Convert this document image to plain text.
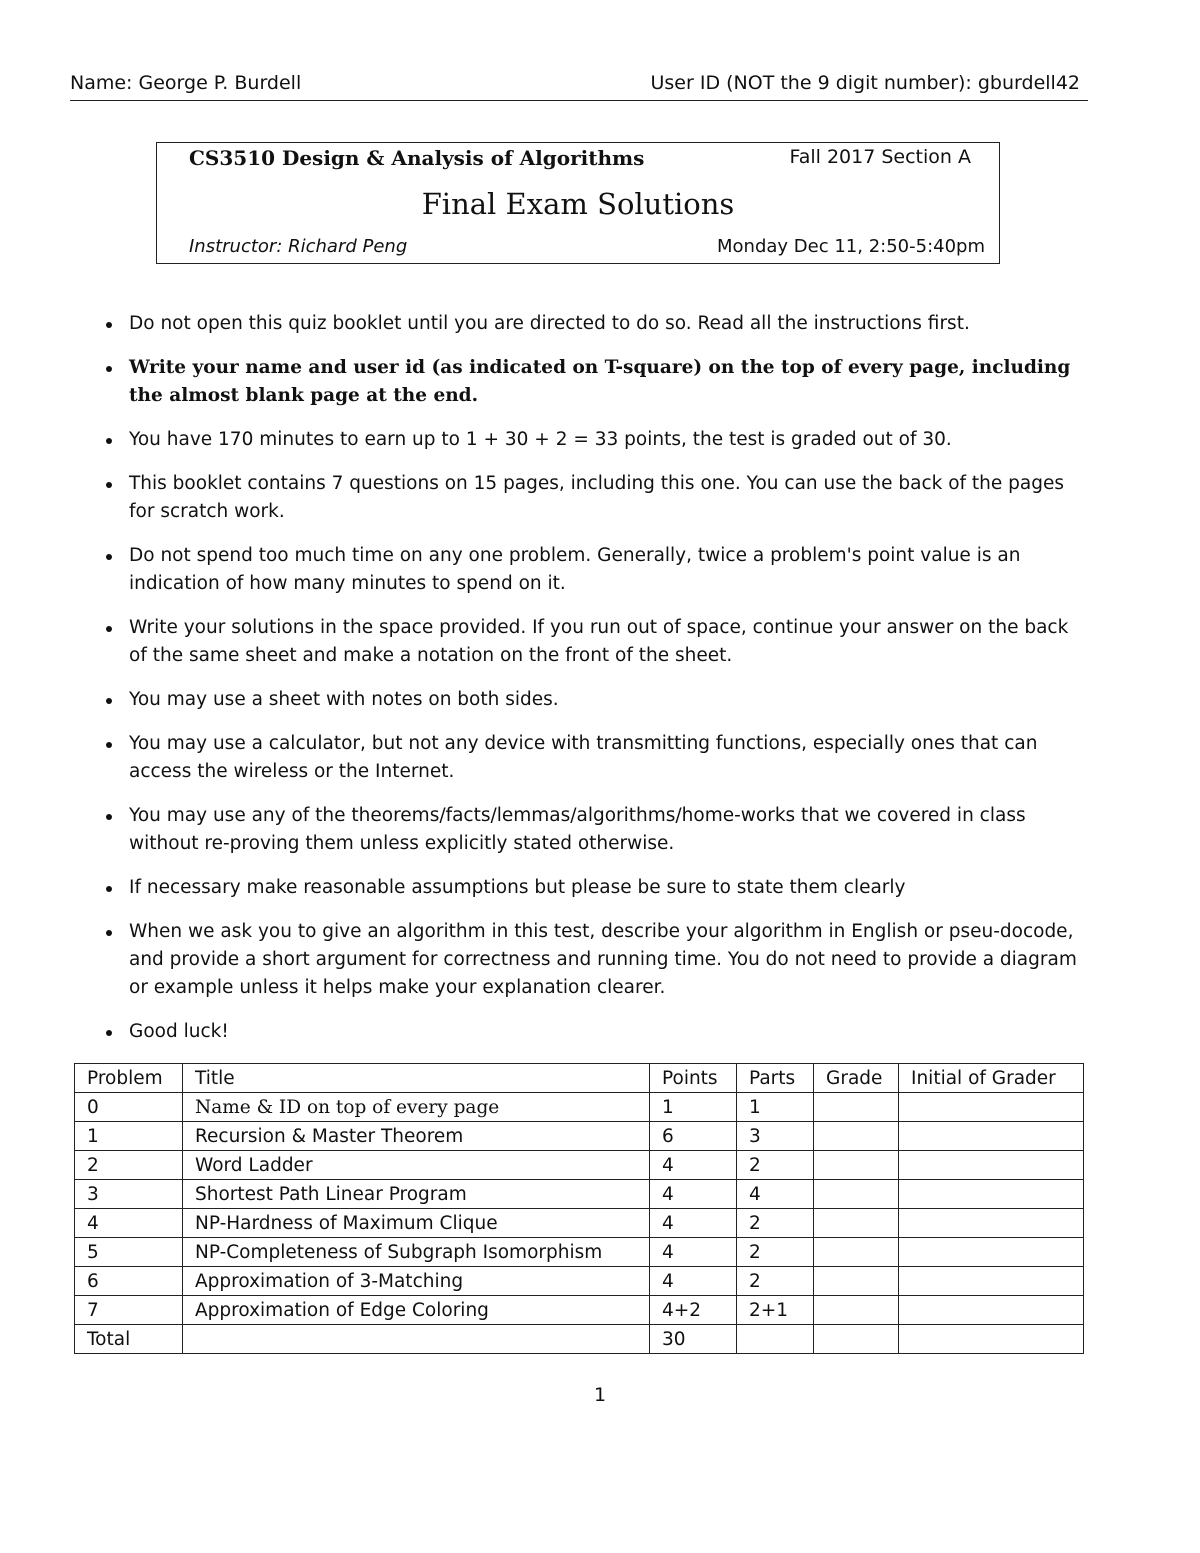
Name: George P. Burdell	User ID (NOT the 9 digit number): gburdell42
CS3510 Design & Analysis of Algorithms	Fall 2017 Section A
Final Exam Solutions
Instructor: Richard Peng	Monday Dec 11, 2:50-5:40pm
Do not open this quiz booklet until you are directed to do so. Read all the instructions first.
Write your name and user id (as indicated on T-square) on the top of every page, including the almost blank page at the end.
You have 170 minutes to earn up to 1 + 30 + 2 = 33 points, the test is graded out of 30.
This booklet contains 7 questions on 15 pages, including this one. You can use the back of the pages for scratch work.
Do not spend too much time on any one problem. Generally, twice a problem's point value is an indication of how many minutes to spend on it.
Write your solutions in the space provided. If you run out of space, continue your answer on the back of the same sheet and make a notation on the front of the sheet.
You may use a sheet with notes on both sides.
You may use a calculator, but not any device with transmitting functions, especially ones that can access the wireless or the Internet.
You may use any of the theorems/facts/lemmas/algorithms/home-works that we covered in class without re-proving them unless explicitly stated otherwise.
If necessary make reasonable assumptions but please be sure to state them clearly
When we ask you to give an algorithm in this test, describe your algorithm in English or pseu-docode, and provide a short argument for correctness and running time. You do not need to provide a diagram or example unless it helps make your explanation clearer.
Good luck!
Problem	Title	Points	Parts	Grade	Initial of Grader
0	Name & ID on top of every page	1	1		
1	Recursion & Master Theorem	6	3		
2	Word Ladder	4	2		
3	Shortest Path Linear Program	4	4		
4	NP-Hardness of Maximum Clique	4	2		
5	NP-Completeness of Subgraph Isomorphism	4	2		
6	Approximation of 3-Matching	4	2		
7	Approximation of Edge Coloring	4+2	2+1		
Total		30			
1
